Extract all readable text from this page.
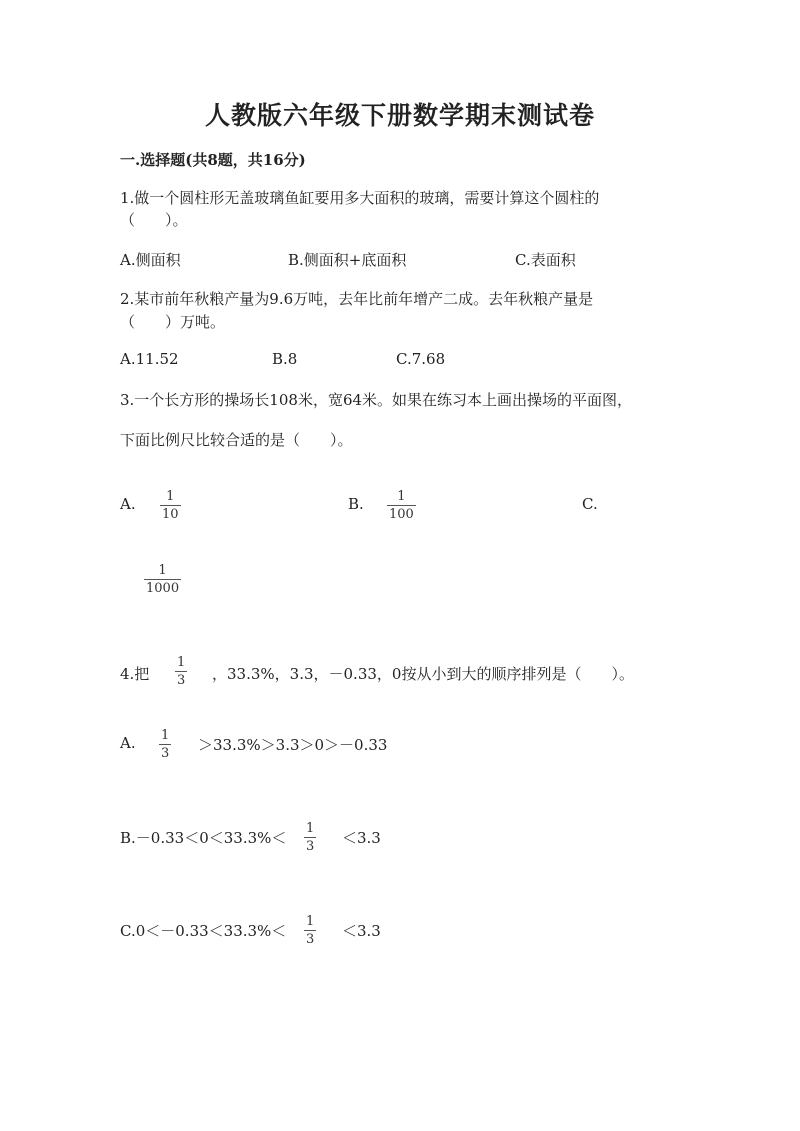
人教版六年级下册数学期末测试卷
一.选择题(共8题，共16分)
1.做一个圆柱形无盖玻璃鱼缸要用多大面积的玻璃，需要计算这个圆柱的
（　　）。
A.侧面积	B.侧面积+底面积	C.表面积
2.某市前年秋粮产量为9.6万吨，去年比前年增产二成。去年秋粮产量是
（　　）万吨。
A.11.52	B.8	C.7.68
3.一个长方形的操场长108米，宽64米。如果在练习本上画出操场的平面图，
下面比例尺比较合适的是（　　）。
A. 1
10
B.	1
100
C.
1
1000
4.把
1
3 ，33.3%，3.3，－0.33，0按从小到大的顺序排列是（　　）。
A. 1
3 ＞33.3%＞3.3＞0＞－0.33
B.－0.33＜0＜33.3%＜
1
3 ＜3.3
C.0＜－0.33＜33.3%＜
1
3 ＜3.3
